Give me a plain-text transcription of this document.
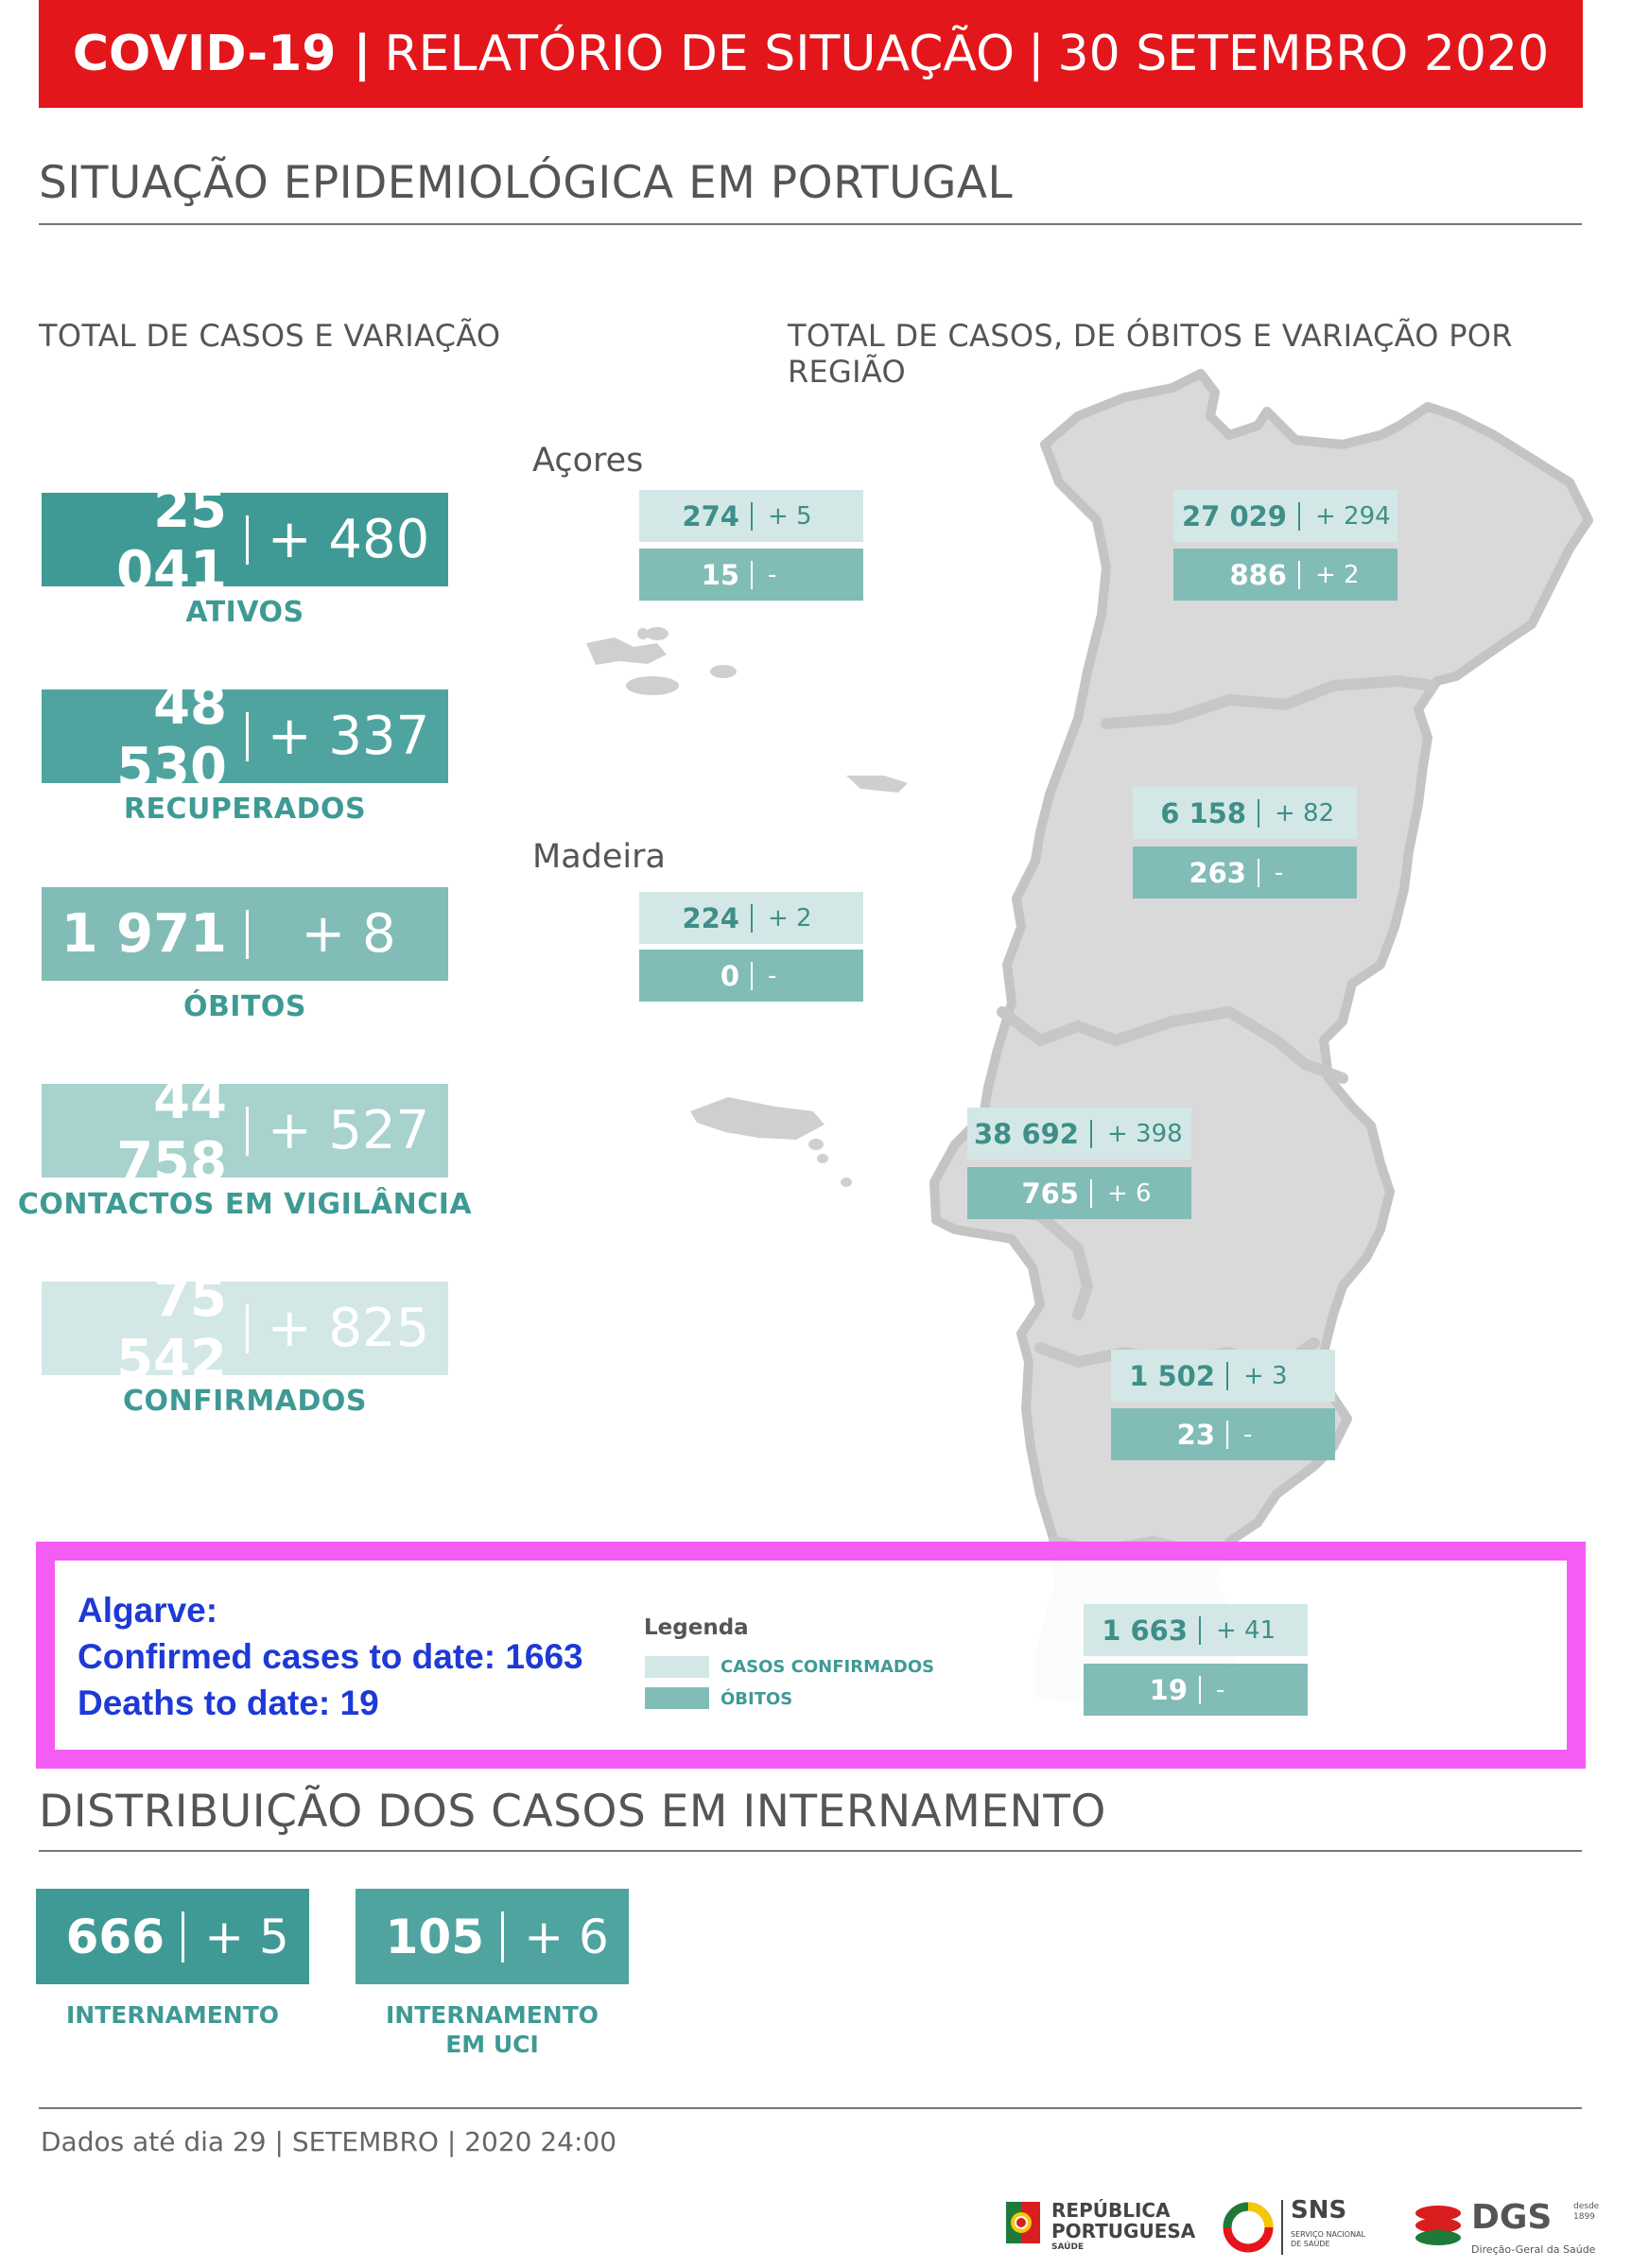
COVID-19 | RELATÓRIO DE SITUAÇÃO | 30 SETEMBRO 2020
SITUAÇÃO EPIDEMIOLÓGICA EM PORTUGAL
TOTAL DE CASOS E VARIAÇÃO	TOTAL DE CASOS, DE ÓBITOS E VARIAÇÃO POR REGIÃO
25 041 + 480
ATIVOS
48 530 + 337
RECUPERADOS
1 971	+ 8
ÓBITOS
44 758 + 527
CONTACTOS EM VIGILÂNCIA
75 542 + 825
CONFIRMADOS
Açores
Madeira
274	+ 5
15	-
224	+ 2
0	-
27 029	+ 294
886	+ 2
6 158	+ 82
263	-
38 692	+ 398
765	+ 6
1 502	+ 3
23	-
Algarve:
Confirmed cases to date: 1663
Deaths to date: 19
Legenda
CASOS CONFIRMADOS
ÓBITOS
1 663	+ 41
19	-
DISTRIBUIÇÃO DOS CASOS EM INTERNAMENTO
666 + 5
INTERNAMENTO
105 + 6
INTERNAMENTO
EM UCI
Dados até dia 29 | SETEMBRO | 2020 24:00
REPÚBLICA
PORTUGUESA
SAÚDE
SNS
SERVIÇO NACIONAL
DE SAÚDE
DGS	desde
1899
Direção-Geral da Saúde
